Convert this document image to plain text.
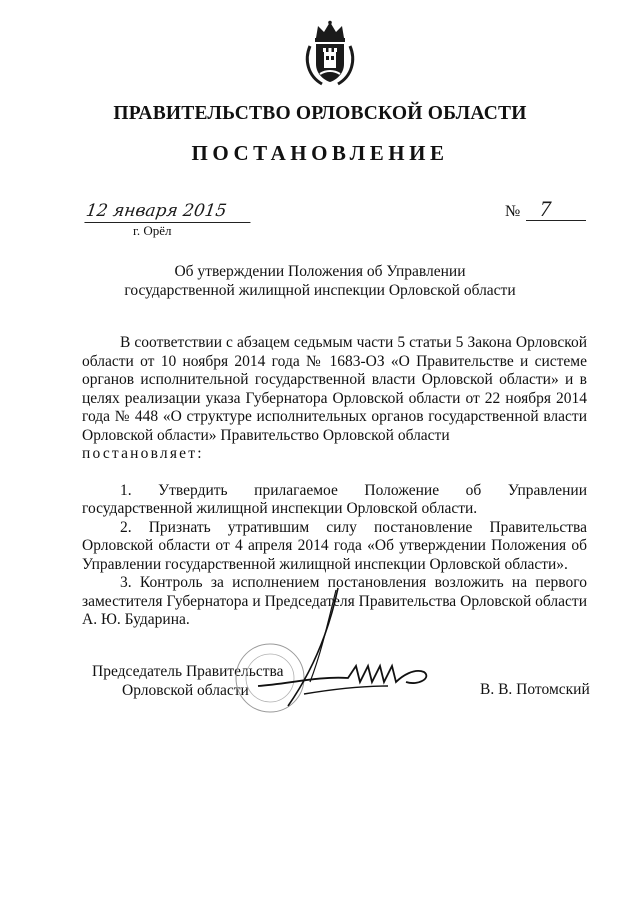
ПРАВИТЕЛЬСТВО ОРЛОВСКОЙ ОБЛАСТИ
ПОСТАНОВЛЕНИЕ
12 января 2015	№ 7
г. Орёл
Об утверждении Положения об Управлении
государственной жилищной инспекции Орловской области

В соответствии с абзацем седьмым части 5 статьи 5 Закона Орловской области от 10 ноября 2014 года № 1683-ОЗ «О Правительстве и системе органов исполнительной государственной власти Орловской области» и в целях реализации указа Губернатора Орловской области от 22 ноября 2014 года № 448 «О структуре исполнительных органов государственной власти Орловской области» Правительство Орловской области

постановляет:

1. Утвердить прилагаемое Положение об Управлении государственной жилищной инспекции Орловской области.

2. Признать утратившим силу постановление Правительства Орловской области от 4 апреля 2014 года «Об утверждении Положения об Управлении государственной жилищной инспекции Орловской области».

3. Контроль за исполнением постановления возложить на первого заместителя Губернатора и Председателя Правительства Орловской области А. Ю. Бударина.

Председатель Правительства
Орловской области	В. В. Потомский
